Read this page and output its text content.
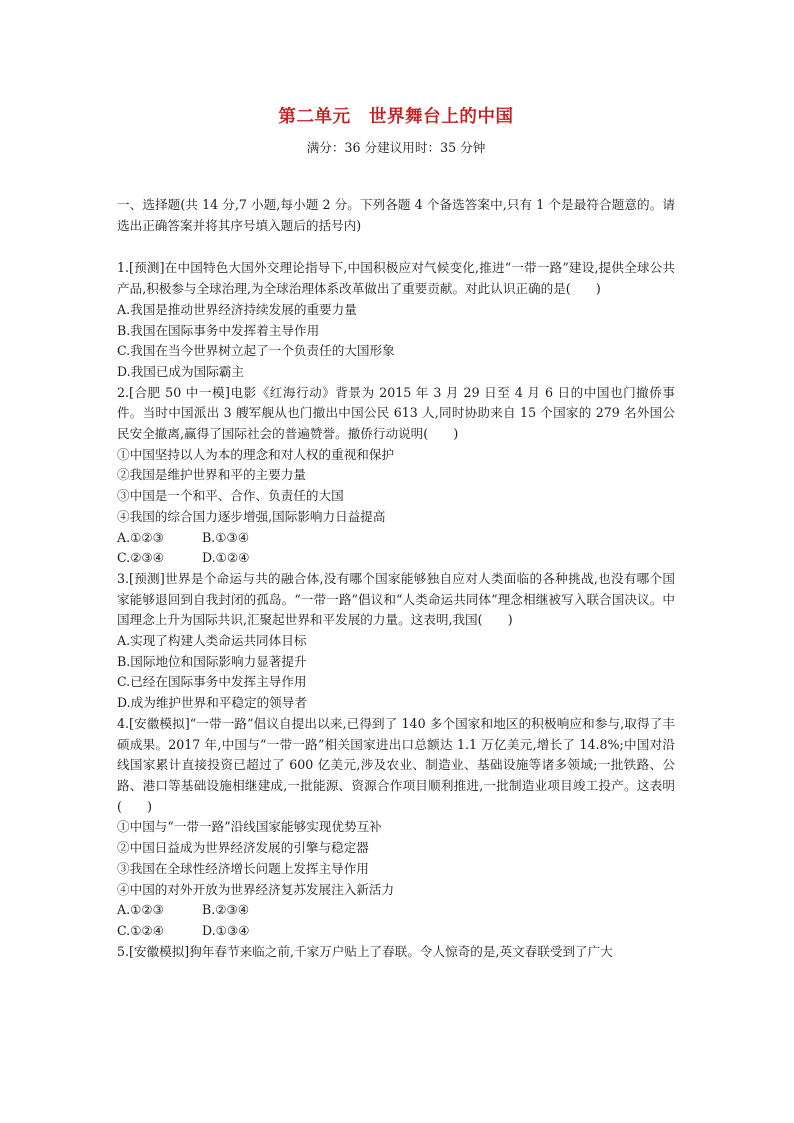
第二单元　世界舞台上的中国
满分：36 分建议用时：35 分钟
一、选择题(共 14 分,7 小题,每小题 2 分。下列各题 4 个备选答案中,只有 1 个是最符合题意的。请选出正确答案并将其序号填入题后的括号内)
1.[预测]在中国特色大国外交理论指导下,中国积极应对气候变化,推进“一带一路”建设,提供全球公共产品,积极参与全球治理,为全球治理体系改革做出了重要贡献。对此认识正确的是(　　)
A.我国是推动世界经济持续发展的重要力量
B.我国在国际事务中发挥着主导作用
C.我国在当今世界树立起了一个负责任的大国形象
D.我国已成为国际霸主
2.[合肥 50 中一模]电影《红海行动》背景为 2015 年 3 月 29 日至 4 月 6 日的中国也门撤侨事件。当时中国派出 3 艘军舰从也门撤出中国公民 613 人,同时协助来自 15 个国家的 279 名外国公民安全撤离,赢得了国际社会的普遍赞誉。撤侨行动说明(　　)
①中国坚持以人为本的理念和对人权的重视和保护
②我国是维护世界和平的主要力量
③中国是一个和平、合作、负责任的大国
④我国的综合国力逐步增强,国际影响力日益提高
A.①②③	B.①③④
C.②③④	D.①②④
3.[预测]世界是个命运与共的融合体,没有哪个国家能够独自应对人类面临的各种挑战,也没有哪个国家能够退回到自我封闭的孤岛。“一带一路”倡议和“人类命运共同体”理念相继被写入联合国决议。中国理念上升为国际共识,汇聚起世界和平发展的力量。这表明,我国(　　)
A.实现了构建人类命运共同体目标
B.国际地位和国际影响力显著提升
C.已经在国际事务中发挥主导作用
D.成为维护世界和平稳定的领导者
4.[安徽模拟]“一带一路”倡议自提出以来,已得到了 140 多个国家和地区的积极响应和参与,取得了丰硕成果。2017 年,中国与“一带一路”相关国家进出口总额达 1.1 万亿美元,增长了 14.8%;中国对沿线国家累计直接投资已超过了 600 亿美元,涉及农业、制造业、基础设施等诸多领域;一批铁路、公路、港口等基础设施相继建成,一批能源、资源合作项目顺利推进,一批制造业项目竣工投产。这表明(　　)
①中国与“一带一路”沿线国家能够实现优势互补
②中国日益成为世界经济发展的引擎与稳定器
③我国在全球性经济增长问题上发挥主导作用
④中国的对外开放为世界经济复苏发展注入新活力
A.①②③	B.②③④
C.①②④	D.①③④
5.[安徽模拟]狗年春节来临之前,千家万户贴上了春联。令人惊奇的是,英文春联受到了广大
